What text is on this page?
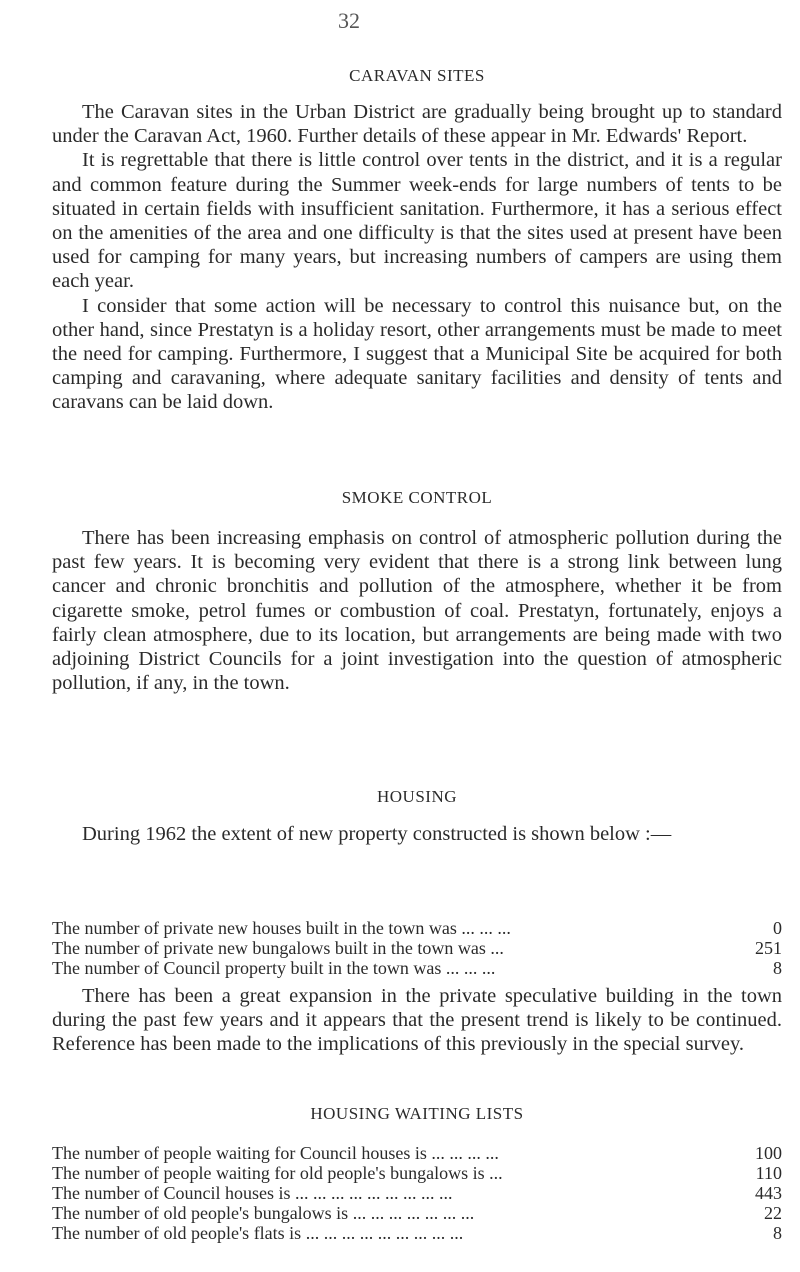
32
CARAVAN SITES

The Caravan sites in the Urban District are gradually being brought up to standard under the Caravan Act, 1960. Further details of these appear in Mr. Edwards' Report.

It is regrettable that there is little control over tents in the district, and it is a regular and common feature during the Summer week-ends for large numbers of tents to be situated in certain fields with insufficient sanitation. Furthermore, it has a serious effect on the amenities of the area and one difficulty is that the sites used at present have been used for camping for many years, but increasing numbers of campers are using them each year.

I consider that some action will be necessary to control this nuisance but, on the other hand, since Prestatyn is a holiday resort, other arrangements must be made to meet the need for camping. Furthermore, I suggest that a Municipal Site be acquired for both camping and caravaning, where adequate sanitary facilities and density of tents and caravans can be laid down.

SMOKE CONTROL

There has been increasing emphasis on control of atmospheric pollution during the past few years. It is becoming very evident that there is a strong link between lung cancer and chronic bronchitis and pollution of the atmosphere, whether it be from cigarette smoke, petrol fumes or combustion of coal. Prestatyn, fortunately, enjoys a fairly clean atmosphere, due to its location, but arrangements are being made with two adjoining District Councils for a joint investigation into the question of atmospheric pollution, if any, in the town.

HOUSING

During 1962 the extent of new property constructed is shown below :—

The number of private new houses built in the town was ... ... ...	0
The number of private new bungalows built in the town was ...	251
The number of Council property built in the town was ... ... ...	8

There has been a great expansion in the private speculative building in the town during the past few years and it appears that the present trend is likely to be continued. Reference has been made to the implications of this previously in the special survey.

HOUSING WAITING LISTS
The number of people waiting for Council houses is ... ... ... ...	100
The number of people waiting for old people's bungalows is ...	110
The number of Council houses is ... ... ... ... ... ... ... ... ...	443
The number of old people's bungalows is ... ... ... ... ... ... ...	22
The number of old people's flats is ... ... ... ... ... ... ... ... ...	8
